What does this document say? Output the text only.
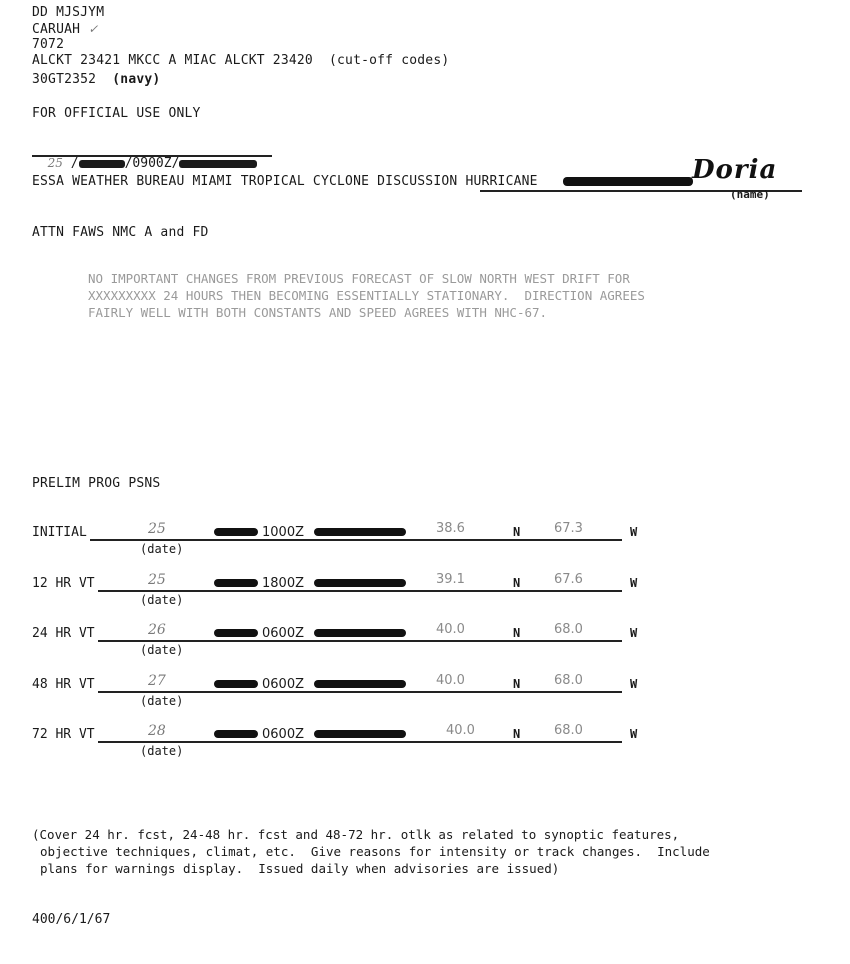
DD MJSJYM
CARUAH ✓
7072
ALCKT 23421 MKCC A MIAC ALCKT 23420  (cut-off codes)
30GT2352 (navy)
FOR OFFICIAL USE ONLY

25 /	/0900Z/

ESSA WEATHER BUREAU MIAMI TROPICAL CYCLONE DISCUSSION HURRICANE	Doria
(name)
ATTN FAWS NMC A and FD
NO IMPORTANT CHANGES FROM PREVIOUS FORECAST OF SLOW NORTH WEST DRIFT FOR
XXXXXXXXX 24 HOURS THEN BECOMING ESSENTIALLY STATIONARY.  DIRECTION AGREES
FAIRLY WELL WITH BOTH CONSTANTS AND SPEED AGREES WITH NHC-67.
PRELIM PROG PSNS
INITIAL	25	1000Z	38.6	N	67.3	W
(date)
12 HR VT	25	1800Z	39.1	N	67.6	W
(date)
24 HR VT	26	0600Z	40.0	N	68.0	W
(date)
48 HR VT	27	0600Z	40.0	N	68.0	W
(date)
72 HR VT	28	0600Z	40.0	N	68.0	W
(date)
(Cover 24 hr. fcst, 24-48 hr. fcst and 48-72 hr. otlk as related to synoptic features,
objective techniques, climat, etc.  Give reasons for intensity or track changes.  Include
plans for warnings display.  Issued daily when advisories are issued)
400/6/1/67
